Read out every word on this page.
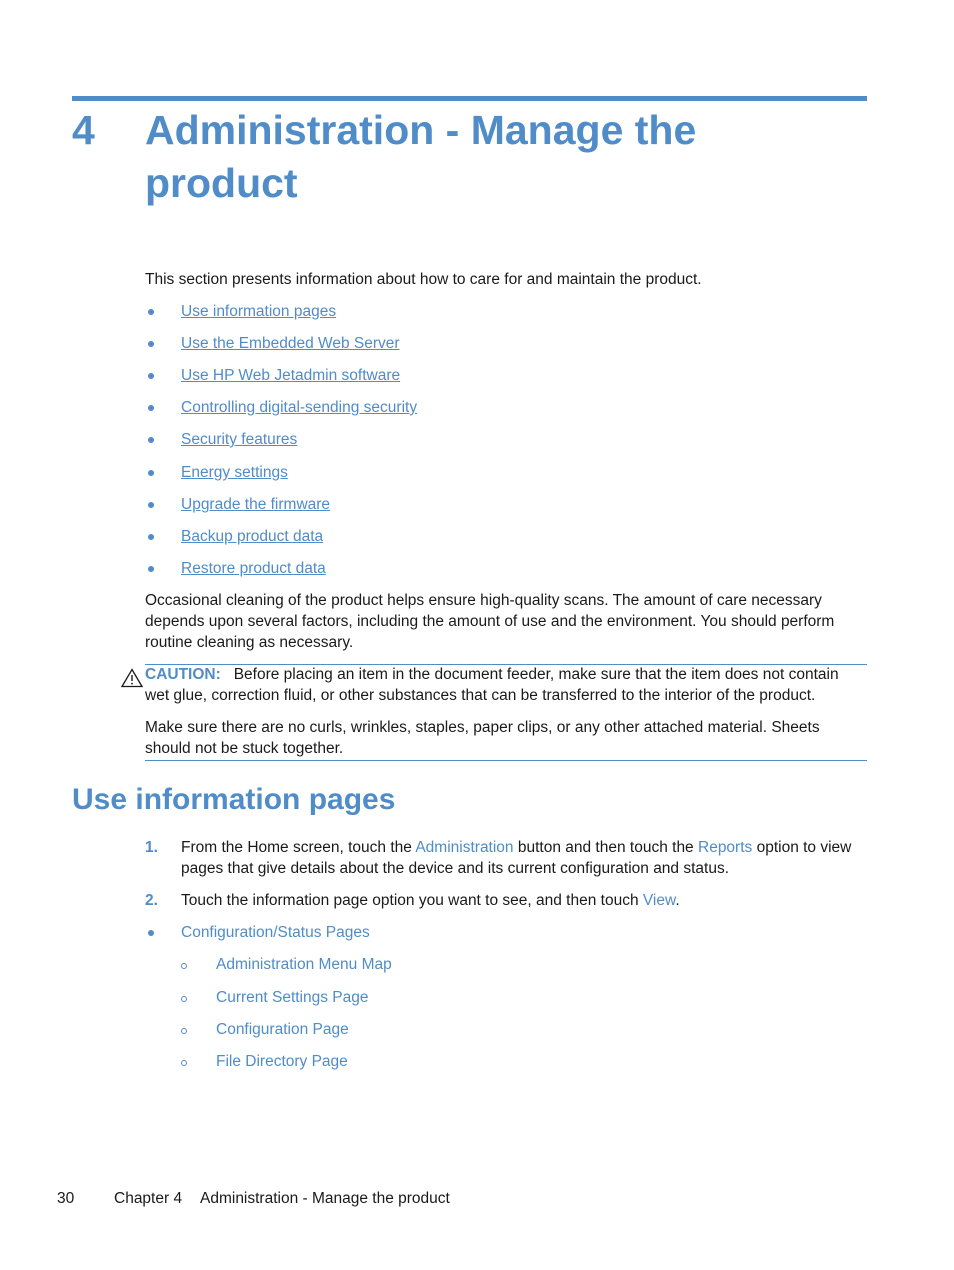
4 Administration - Manage the product
This section presents information about how to care for and maintain the product.
Use information pages
Use the Embedded Web Server
Use HP Web Jetadmin software
Controlling digital-sending security
Security features
Energy settings
Upgrade the firmware
Backup product data
Restore product data
Occasional cleaning of the product helps ensure high-quality scans. The amount of care necessary depends upon several factors, including the amount of use and the environment. You should perform routine cleaning as necessary.
CAUTION: Before placing an item in the document feeder, make sure that the item does not contain wet glue, correction fluid, or other substances that can be transferred to the interior of the product.
Make sure there are no curls, wrinkles, staples, paper clips, or any other attached material. Sheets should not be stuck together.
Use information pages
1. From the Home screen, touch the Administration button and then touch the Reports option to view pages that give details about the device and its current configuration and status.
2. Touch the information page option you want to see, and then touch View.
Configuration/Status Pages
Administration Menu Map
Current Settings Page
Configuration Page
File Directory Page
30	Chapter 4 Administration - Manage the product
